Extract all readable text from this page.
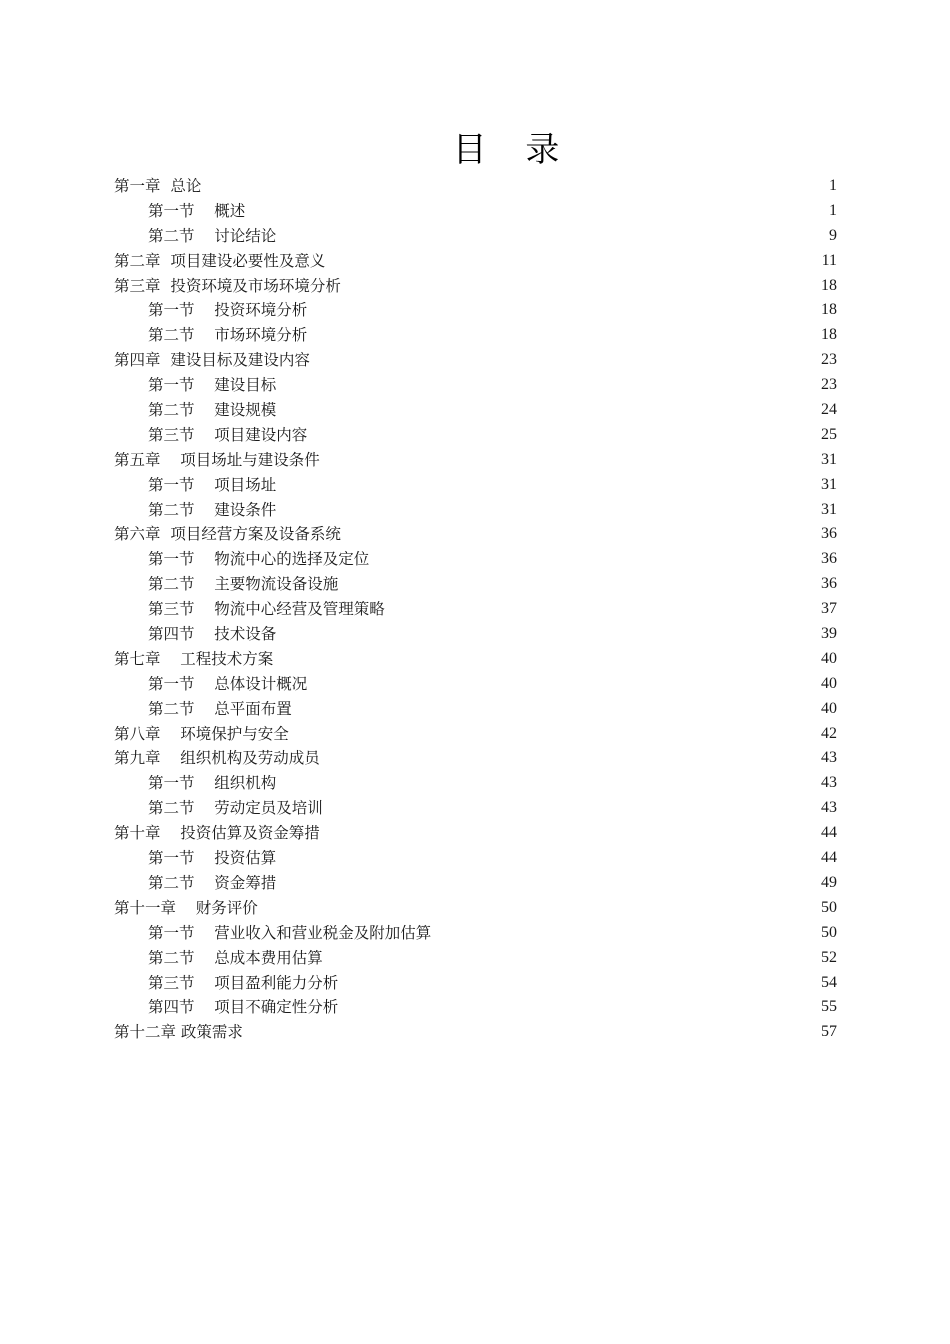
目 录
第一章  总论	1
第一节    概述	1
第二节    讨论结论	9
第二章  项目建设必要性及意义	11
第三章  投资环境及市场环境分析	18
第一节    投资环境分析	18
第二节    市场环境分析	18
第四章  建设目标及建设内容	23
第一节    建设目标	23
第二节    建设规模	24
第三节    项目建设内容	25
第五章    项目场址与建设条件	31
第一节    项目场址	31
第二节    建设条件	31
第六章  项目经营方案及设备系统	36
第一节    物流中心的选择及定位	36
第二节    主要物流设备设施	36
第三节    物流中心经营及管理策略	37
第四节    技术设备	39
第七章    工程技术方案	40
第一节    总体设计概况	40
第二节    总平面布置	40
第八章    环境保护与安全	42
第九章    组织机构及劳动成员	43
第一节    组织机构	43
第二节    劳动定员及培训	43
第十章    投资估算及资金筹措	44
第一节    投资估算	44
第二节    资金筹措	49
第十一章    财务评价	50
第一节    营业收入和营业税金及附加估算	50
第二节    总成本费用估算	52
第三节    项目盈利能力分析	54
第四节    项目不确定性分析	55
第十二章 政策需求	57
